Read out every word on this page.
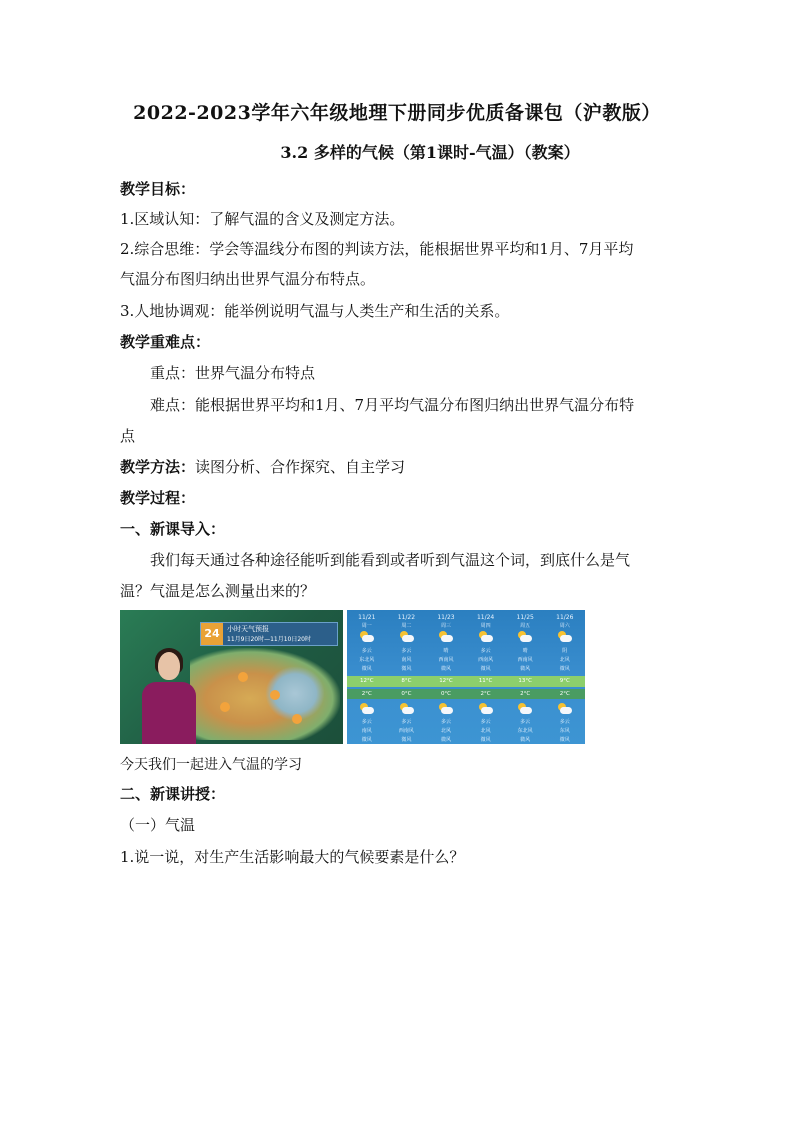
2022-2023学年六年级地理下册同步优质备课包（沪教版）
3.2 多样的气候（第1课时-气温）（教案）
教学目标：
1.区域认知：了解气温的含义及测定方法。
2.综合思维：学会等温线分布图的判读方法，能根据世界平均和1月、7月平均
气温分布图归纳出世界气温分布特点。
3.人地协调观：能举例说明气温与人类生产和生活的关系。
教学重难点：
重点：世界气温分布特点
难点：能根据世界平均和1月、7月平均气温分布图归纳出世界气温分布特
点
教学方法：读图分析、合作探究、自主学习
教学过程：
一、新课导入：
我们每天通过各种途径能听到能看到或者听到气温这个词，到底什么是气
温？气温是怎么测量出来的？
24	小时天气预报
11月9日20时—11月10日20时
11/21
周一
多云
东北风
微风
12°C
2°C
多云
南风
微风
11/22
周二
多云
南风
微风
8°C
0°C
多云
西南风
微风
11/23
周三
晴
西南风
微风
12°C
0°C
多云
北风
微风
11/24
周四
多云
西南风
微风
11°C
2°C
多云
北风
微风
11/25
周五
晴
西南风
微风
13°C
2°C
多云
东北风
微风
11/26
周六
阴
北风
微风
9°C
2°C
多云
东风
微风
今天我们一起进入气温的学习
二、新课讲授：
（一）气温
1.说一说，对生产生活影响最大的气候要素是什么？
